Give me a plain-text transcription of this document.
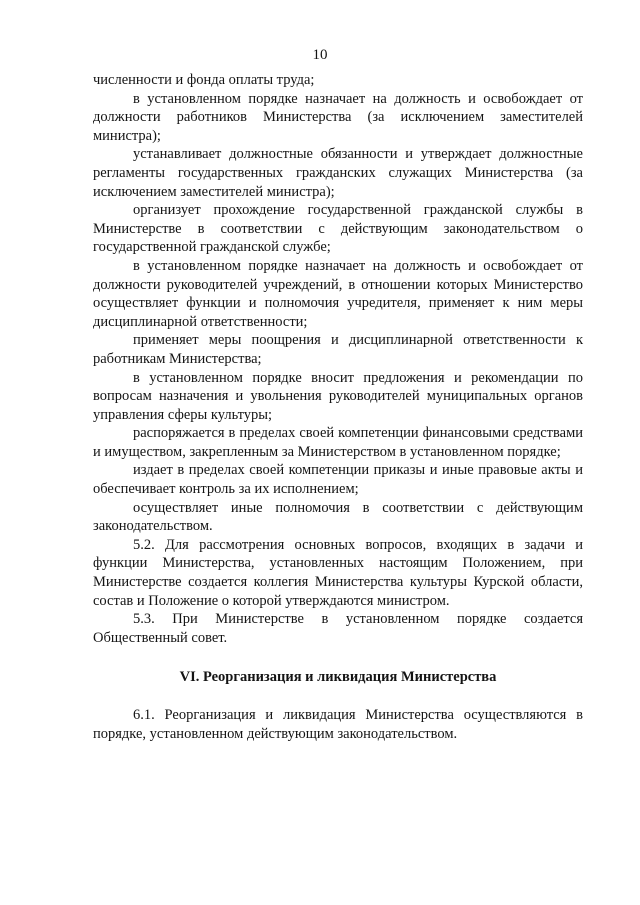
10

численности и фонда оплаты труда;

в установленном порядке назначает на должность и освобождает от должности работников Министерства (за исключением заместителей министра);

устанавливает должностные обязанности и утверждает должностные регламенты государственных гражданских служащих Министерства (за исключением заместителей министра);

организует прохождение государственной гражданской службы в Министерстве в соответствии с действующим законодательством о государственной гражданской службе;

в установленном порядке назначает на должность и освобождает от должности руководителей учреждений, в отношении которых Министерство осуществляет функции и полномочия учредителя, применяет к ним меры дисциплинарной ответственности;

применяет меры поощрения и дисциплинарной ответственности к работникам Министерства;

в установленном порядке вносит предложения и рекомендации по вопросам назначения и увольнения руководителей муниципальных органов управления сферы культуры;

распоряжается в пределах своей компетенции финансовыми средствами и имуществом, закрепленным за Министерством в установленном порядке;

издает в пределах своей компетенции приказы и иные правовые акты и обеспечивает контроль за их исполнением;

осуществляет иные полномочия в соответствии с действующим законодательством.

5.2. Для рассмотрения основных вопросов, входящих в задачи и функции Министерства, установленных настоящим Положением, при Министерстве создается коллегия Министерства культуры Курской области, состав и Положение о которой утверждаются министром.

5.3. При Министерстве в установленном порядке создается Общественный совет.

VI. Реорганизация и ликвидация Министерства

6.1. Реорганизация и ликвидация Министерства осуществляются в порядке, установленном действующим законодательством.
